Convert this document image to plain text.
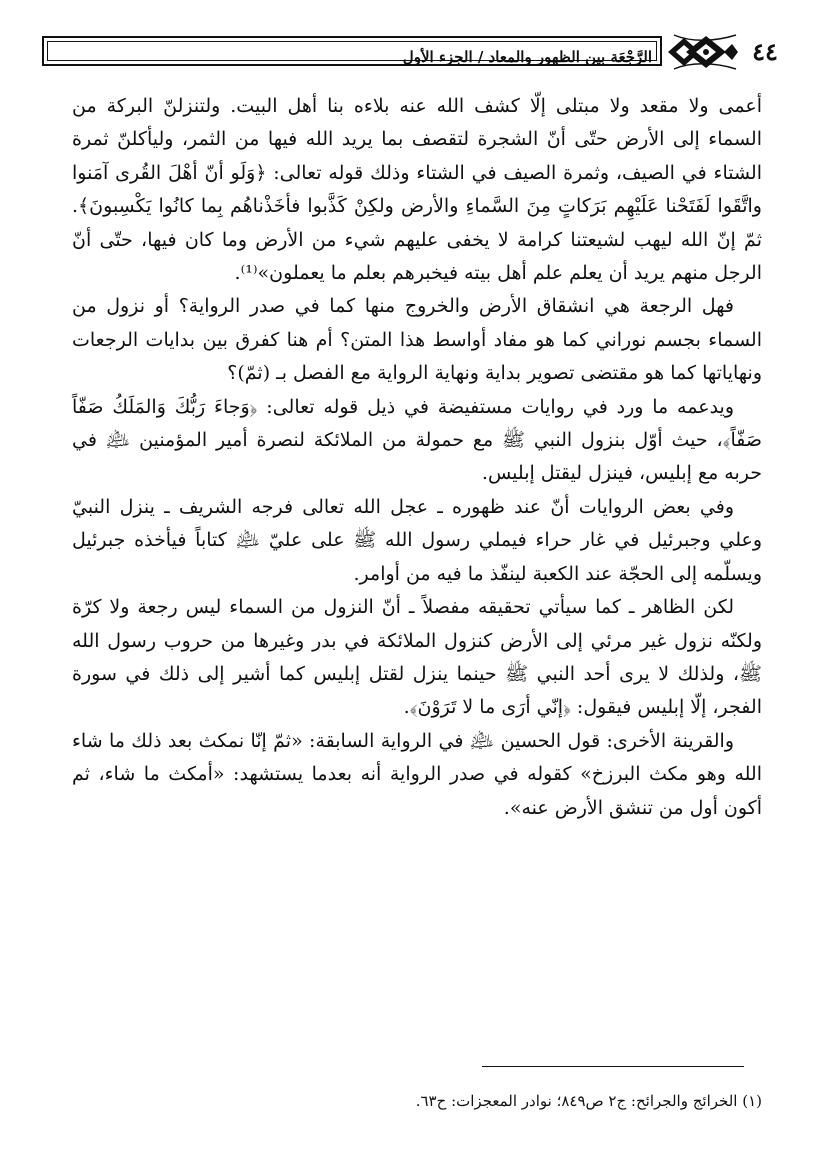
الرَّجْعَة بين الظهور والمعاد / الجزء الأول	٤٤

أعمى ولا مقعد ولا مبتلى إلّا كشف الله عنه بلاءه بنا أهل البيت. ولتنزلنّ البركة من السماء إلى الأرض حتّى أنّ الشجرة لتقصف بما يريد الله فيها من الثمر، وليأكلنّ ثمرة الشتاء في الصيف، وثمرة الصيف في الشتاء وذلك قوله تعالى: ﴿وَلَو أنّ أهْلَ القُرى آمَنوا واتَّقَوا لَفَتَحْنا عَلَيْهِم بَرَكاتٍ مِنَ السَّماءِ والأرض ولكِنْ كَذَّبوا فأخَذْناهُم بِما كانُوا يَكْسِبونَ﴾. ثمّ إنّ الله ليهب لشيعتنا كرامة لا يخفى عليهم شيء من الأرض وما كان فيها، حتّى أنّ الرجل منهم يريد أن يعلم علم أهل بيته فيخبرهم بعلم ما يعملون»⁽¹⁾.

فهل الرجعة هي انشقاق الأرض والخروج منها كما في صدر الرواية؟ أو نزول من السماء بجسم نوراني كما هو مفاد أواسط هذا المتن؟ أم هنا كفرق بين بدايات الرجعات ونهاياتها كما هو مقتضى تصوير بداية ونهاية الرواية مع الفصل بـ (ثمّ)؟

ويدعمه ما ورد في روايات مستفيضة في ذيل قوله تعالى: ﴿وَجاءَ رَبُّكَ وَالمَلَكُ صَفّاً صَفّاً﴾، حيث أوّل بنزول النبي ﷺ مع حمولة من الملائكة لنصرة أمير المؤمنين ﵇ في حربه مع إبليس، فينزل ليقتل إبليس.

وفي بعض الروايات أنّ عند ظهوره ـ عجل الله تعالى فرجه الشريف ـ ينزل النبيّ وعلي وجبرئيل في غار حراء فيملي رسول الله ﷺ على عليّ ﵇ كتاباً فيأخذه جبرئيل ويسلّمه إلى الحجّة عند الكعبة لينفّذ ما فيه من أوامر.

لكن الظاهر ـ كما سيأتي تحقيقه مفصلاً ـ أنّ النزول من السماء ليس رجعة ولا كرّة ولكنّه نزول غير مرئي إلى الأرض كنزول الملائكة في بدر وغيرها من حروب رسول الله ﷺ، ولذلك لا يرى أحد النبي ﷺ حينما ينزل لقتل إبليس كما أشير إلى ذلك في سورة الفجر، إلّا إبليس فيقول: ﴿إنّي أرَى ما لا تَرَوْنَ﴾.

والقرينة الأخرى: قول الحسين ﵇ في الرواية السابقة: «ثمّ إنّا نمكث بعد ذلك ما شاء الله وهو مكث البرزخ» كقوله في صدر الرواية أنه بعدما يستشهد: «أمكث ما شاء، ثم أكون أول من تنشق الأرض عنه».

(١) الخرائج والجرائح: ج٢ ص٨٤٩؛ نوادر المعجزات: ح٦٣.
